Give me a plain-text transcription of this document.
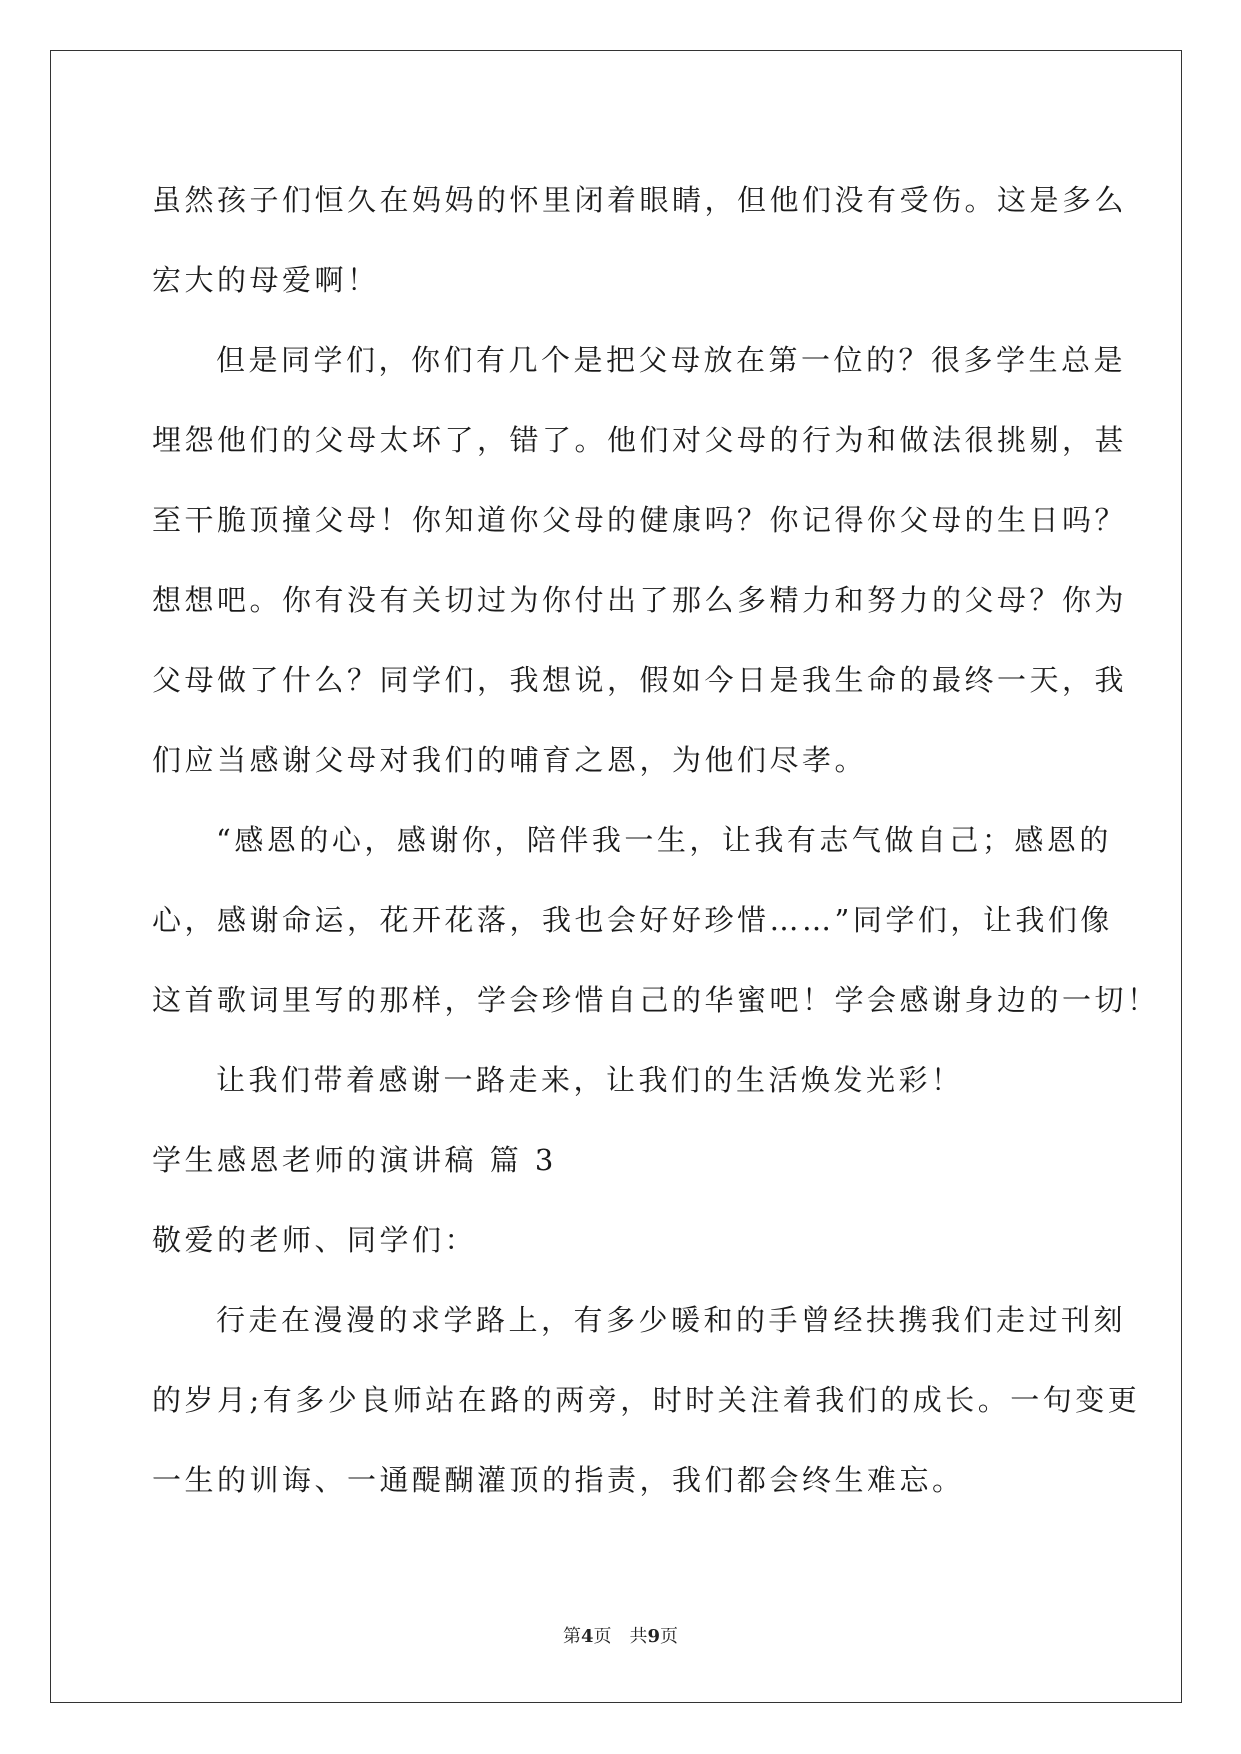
虽然孩子们恒久在妈妈的怀里闭着眼睛，但他们没有受伤。这是多么

宏大的母爱啊！

但是同学们，你们有几个是把父母放在第一位的？很多学生总是

埋怨他们的父母太坏了，错了。他们对父母的行为和做法很挑剔，甚

至干脆顶撞父母！你知道你父母的健康吗？你记得你父母的生日吗？

想想吧。你有没有关切过为你付出了那么多精力和努力的父母？你为

父母做了什么？同学们，我想说，假如今日是我生命的最终一天，我

们应当感谢父母对我们的哺育之恩，为他们尽孝。

“感恩的心，感谢你，陪伴我一生，让我有志气做自己；感恩的

心，感谢命运，花开花落，我也会好好珍惜……”同学们，让我们像

这首歌词里写的那样，学会珍惜自己的华蜜吧！学会感谢身边的一切！

让我们带着感谢一路走来，让我们的生活焕发光彩！

学生感恩老师的演讲稿 篇 3

敬爱的老师、同学们：

行走在漫漫的求学路上，有多少暖和的手曾经扶携我们走过刊刻

的岁月;有多少良师站在路的两旁，时时关注着我们的成长。一句变更

一生的训诲、一通醍醐灌顶的指责，我们都会终生难忘。

第4页 共9页
